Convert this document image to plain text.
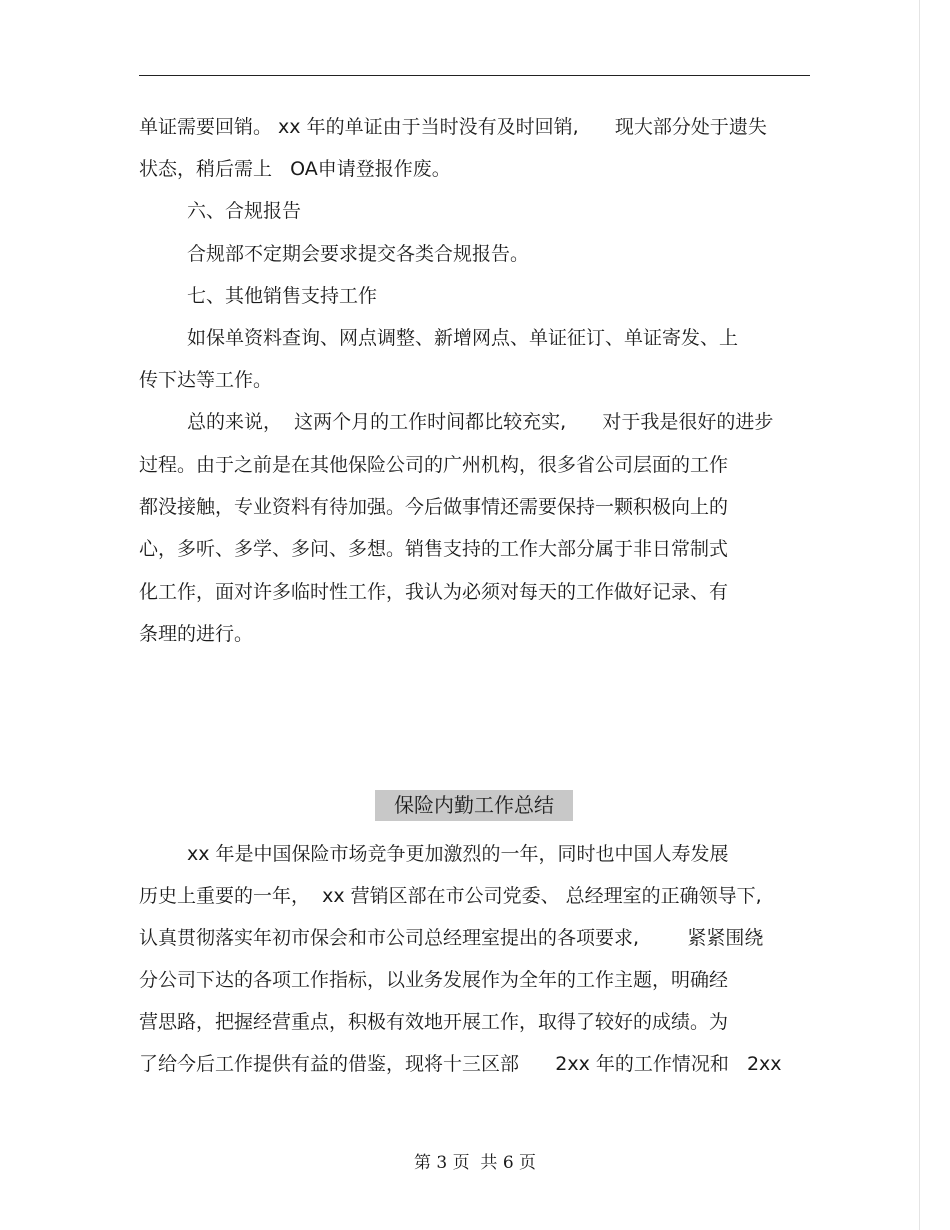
单证需要回销。 xx 年的单证由于当时没有及时回销,      现大部分处于遗失
状态，稍后需上   OA申请登报作废。
六、合规报告
合规部不定期会要求提交各类合规报告。
七、其他销售支持工作
如保单资料查询、网点调整、新增网点、单证征订、单证寄发、上
传下达等工作。
总的来说，  这两个月的工作时间都比较充实,      对于我是很好的进步
过程。由于之前是在其他保险公司的广州机构，很多省公司层面的工作
都没接触，专业资料有待加强。今后做事情还需要保持一颗积极向上的
心，多听、多学、多问、多想。销售支持的工作大部分属于非日常制式
化工作，面对许多临时性工作，我认为必须对每天的工作做好记录、有
条理的进行。
保险内勤工作总结
xx 年是中国保险市场竞争更加激烈的一年，同时也中国人寿发展
历史上重要的一年，  xx 营销区部在市公司党委、 总经理室的正确领导下,
认真贯彻落实年初市保会和市公司总经理室提出的各项要求,        紧紧围绕
分公司下达的各项工作指标，以业务发展作为全年的工作主题，明确经
营思路，把握经营重点，积极有效地开展工作，取得了较好的成绩。为
了给今后工作提供有益的借鉴，现将十三区部      2xx 年的工作情况和   2xx
第 3 页  共 6 页
